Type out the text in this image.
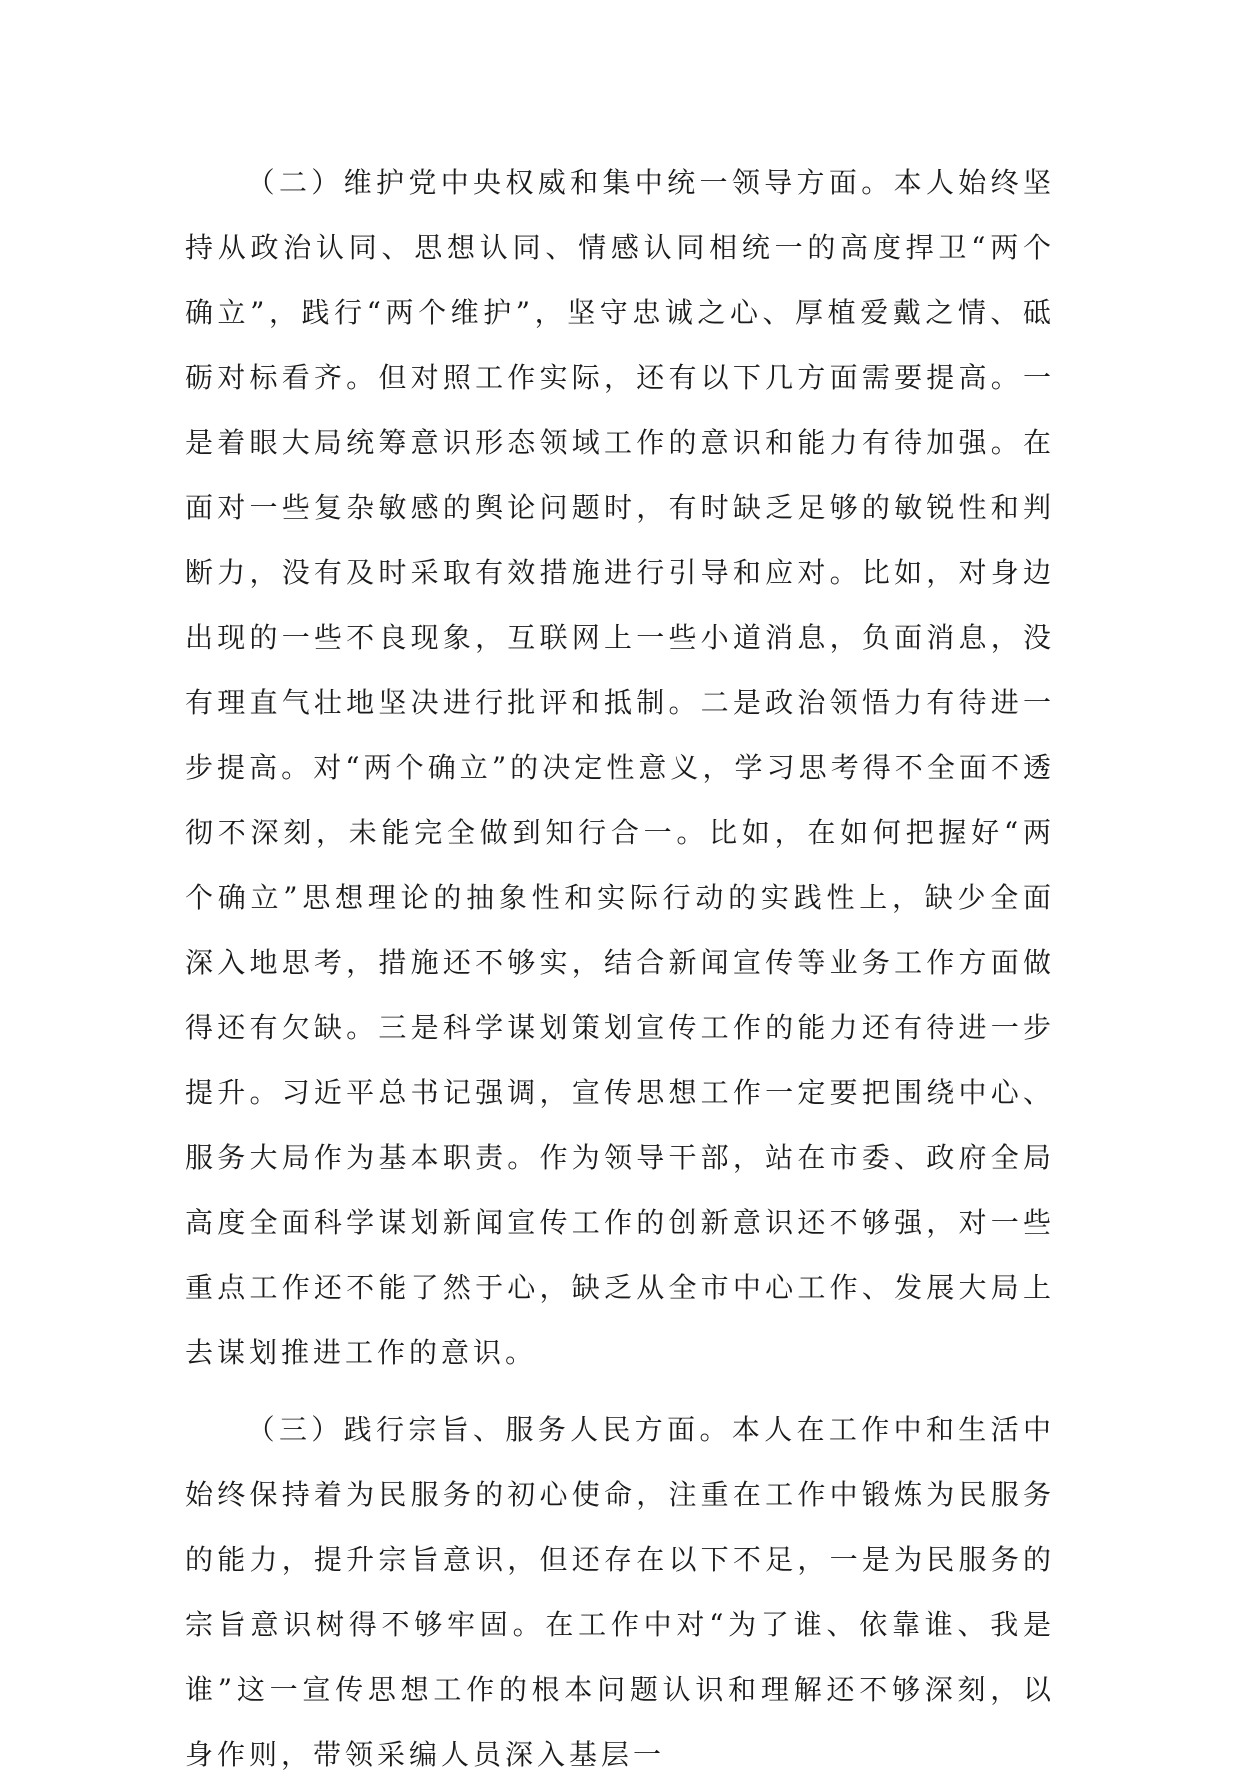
（二）维护党中央权威和集中统一领导方面。本人始终坚持从政治认同、思想认同、情感认同相统一的高度捍卫“两个确立”，践行“两个维护”，坚守忠诚之心、厚植爱戴之情、砥砺对标看齐。但对照工作实际，还有以下几方面需要提高。一是着眼大局统筹意识形态领域工作的意识和能力有待加强。在面对一些复杂敏感的舆论问题时，有时缺乏足够的敏锐性和判断力，没有及时采取有效措施进行引导和应对。比如，对身边出现的一些不良现象，互联网上一些小道消息，负面消息，没有理直气壮地坚决进行批评和抵制。二是政治领悟力有待进一步提高。对“两个确立”的决定性意义，学习思考得不全面不透彻不深刻，未能完全做到知行合一。比如，在如何把握好“两个确立”思想理论的抽象性和实际行动的实践性上，缺少全面深入地思考，措施还不够实，结合新闻宣传等业务工作方面做得还有欠缺。三是科学谋划策划宣传工作的能力还有待进一步提升。习近平总书记强调，宣传思想工作一定要把围绕中心、服务大局作为基本职责。作为领导干部，站在市委、政府全局高度全面科学谋划新闻宣传工作的创新意识还不够强，对一些重点工作还不能了然于心，缺乏从全市中心工作、发展大局上去谋划推进工作的意识。

（三）践行宗旨、服务人民方面。本人在工作中和生活中始终保持着为民服务的初心使命，注重在工作中锻炼为民服务的能力，提升宗旨意识，但还存在以下不足，一是为民服务的宗旨意识树得不够牢固。在工作中对“为了谁、依靠谁、我是谁”这一宣传思想工作的根本问题认识和理解还不够深刻，以身作则，带领采编人员深入基层一
